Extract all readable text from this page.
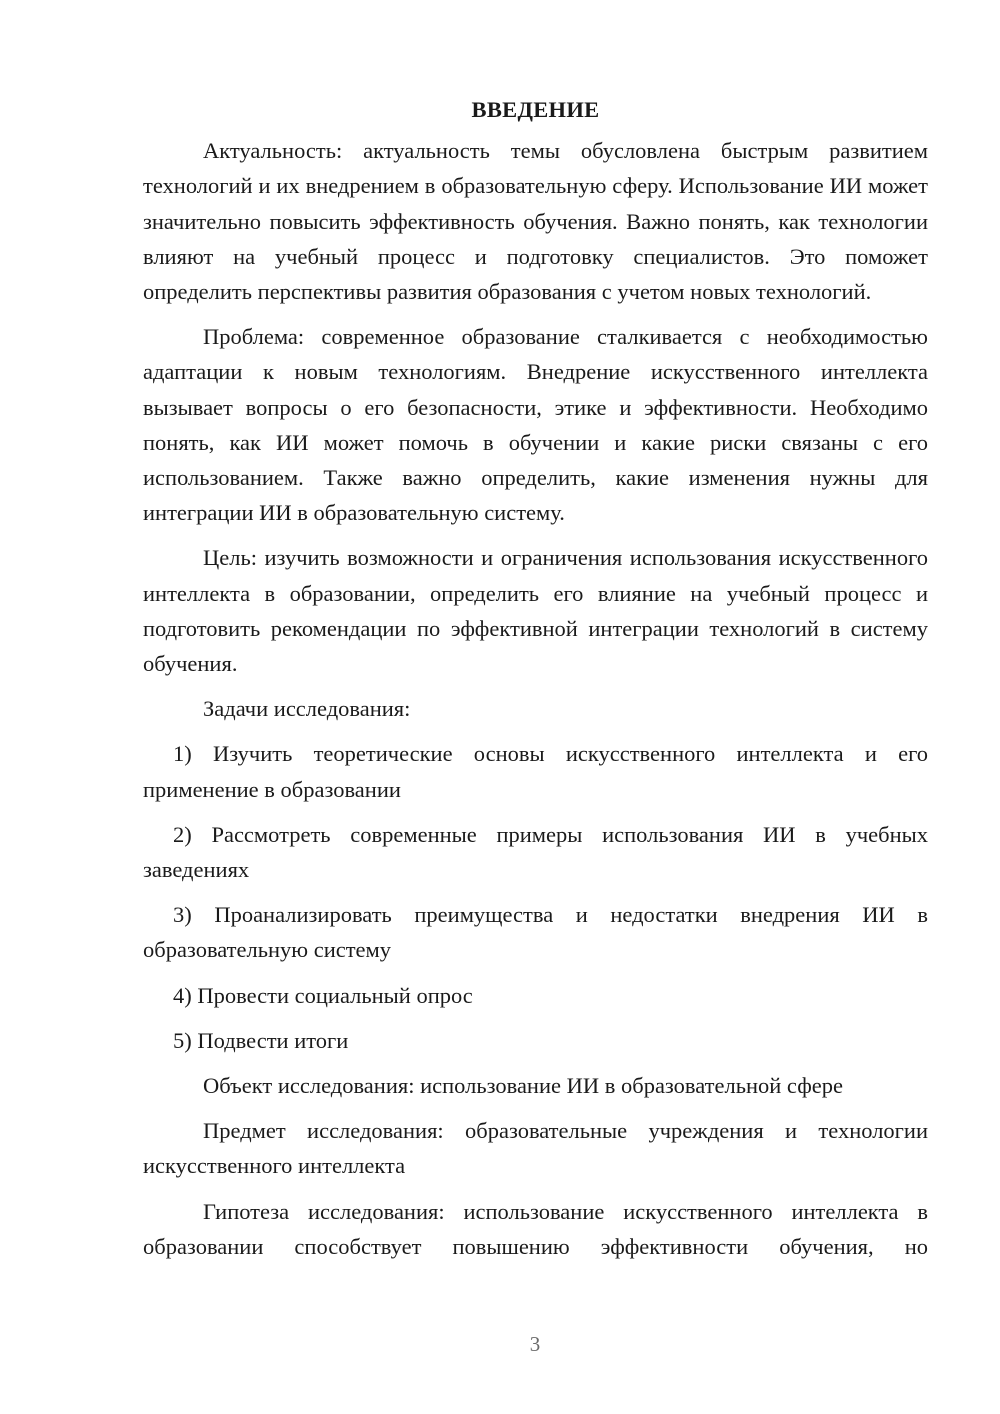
ВВЕДЕНИЕ

Актуальность: актуальность темы обусловлена быстрым развитием технологий и их внедрением в образовательную сферу. Использование ИИ может значительно повысить эффективность обучения. Важно понять, как технологии влияют на учебный процесс и подготовку специалистов. Это поможет определить перспективы развития образования с учетом новых технологий.

Проблема: современное образование сталкивается с необходимостью адаптации к новым технологиям. Внедрение искусственного интеллекта вызывает вопросы о его безопасности, этике и эффективности. Необходимо понять, как ИИ может помочь в обучении и какие риски связаны с его использованием. Также важно определить, какие изменения нужны для интеграции ИИ в образовательную систему.

Цель: изучить возможности и ограничения использования искусственного интеллекта в образовании, определить его влияние на учебный процесс и подготовить рекомендации по эффективной интеграции технологий в систему обучения.

Задачи исследования:

1) Изучить теоретические основы искусственного интеллекта и его применение в образовании

2) Рассмотреть современные примеры использования ИИ в учебных заведениях

3) Проанализировать преимущества и недостатки внедрения ИИ в образовательную систему

4) Провести социальный опрос

5) Подвести итоги

Объект исследования: использование ИИ в образовательной сфере

Предмет исследования: образовательные учреждения и технологии искусственного интеллекта

Гипотеза исследования: использование искусственного интеллекта в образовании способствует повышению эффективности обучения, но

3
